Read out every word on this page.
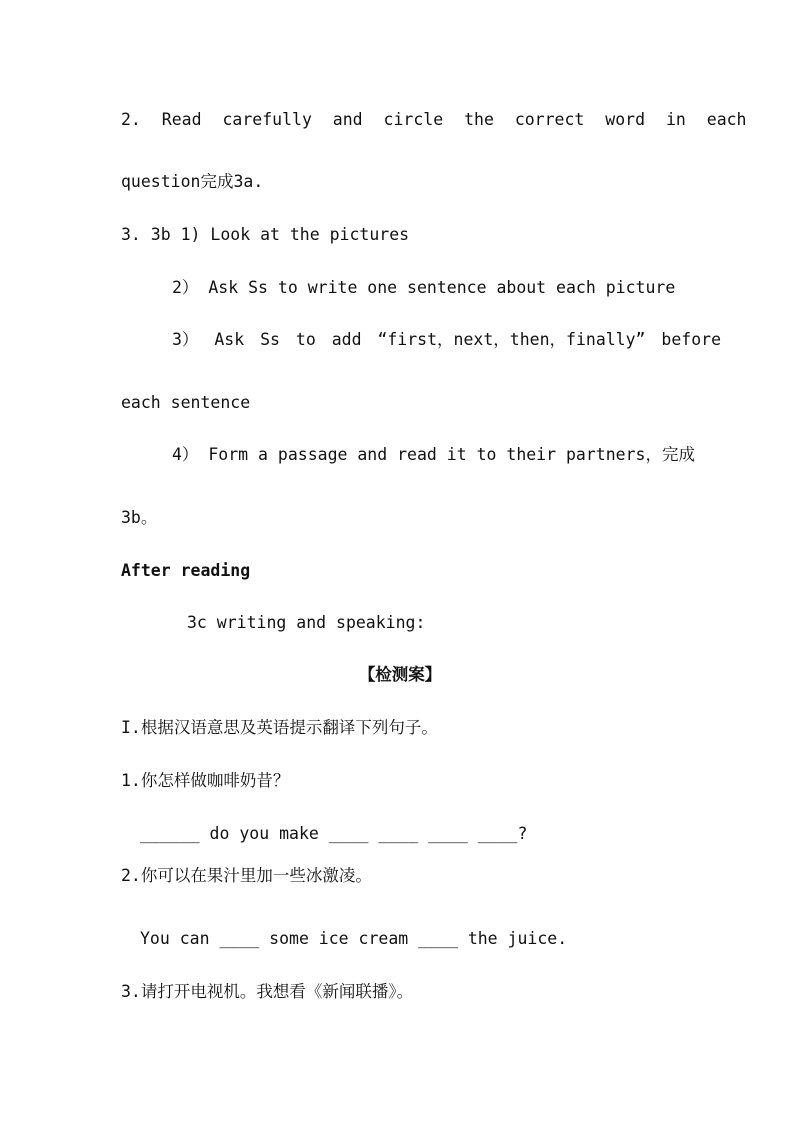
2. Read carefully and circle the correct word in each
question完成3a.
3. 3b 1) Look at the pictures
2） Ask Ss to write one sentence about each picture
3） Ask Ss to add “first，next，then，finally” before
each sentence
4） Form a passage and read it to their partners，完成
3b。
After reading
3c writing and speaking:
【检测案】
I.根据汉语意思及英语提示翻译下列句子。
1.你怎样做咖啡奶昔？
______ do you make ____ ____ ____ ____?
2.你可以在果汁里加一些冰激凌。
You can ____ some ice cream ____ the juice.
3.请打开电视机。我想看《新闻联播》。
